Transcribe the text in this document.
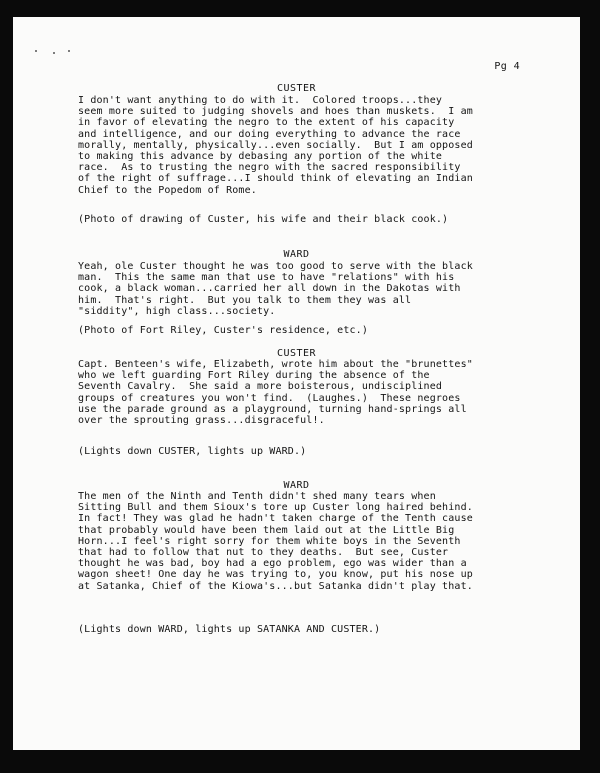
Pg 4
CUSTER
I don't want anything to do with it.  Colored troops...they
seem more suited to judging shovels and hoes than muskets.  I am
in favor of elevating the negro to the extent of his capacity
and intelligence, and our doing everything to advance the race
morally, mentally, physically...even socially.  But I am opposed
to making this advance by debasing any portion of the white
race.  As to trusting the negro with the sacred responsibility
of the right of suffrage...I should think of elevating an Indian
Chief to the Popedom of Rome.
(Photo of drawing of Custer, his wife and their black cook.)
WARD
Yeah, ole Custer thought he was too good to serve with the black
man.  This the same man that use to have "relations" with his
cook, a black woman...carried her all down in the Dakotas with
him.  That's right.  But you talk to them they was all
"siddity", high class...society.
(Photo of Fort Riley, Custer's residence, etc.)
CUSTER
Capt. Benteen's wife, Elizabeth, wrote him about the "brunettes"
who we left guarding Fort Riley during the absence of the
Seventh Cavalry.  She said a more boisterous, undisciplined
groups of creatures you won't find.  (Laughes.)  These negroes
use the parade ground as a playground, turning hand-springs all
over the sprouting grass...disgraceful!.
(Lights down CUSTER, lights up WARD.)
WARD
The men of the Ninth and Tenth didn't shed many tears when
Sitting Bull and them Sioux's tore up Custer long haired behind.
In fact! They was glad he hadn't taken charge of the Tenth cause
that probably would have been them laid out at the Little Big
Horn...I feel's right sorry for them white boys in the Seventh
that had to follow that nut to they deaths.  But see, Custer
thought he was bad, boy had a ego problem, ego was wider than a
wagon sheet! One day he was trying to, you know, put his nose up
at Satanka, Chief of the Kiowa's...but Satanka didn't play that.
(Lights down WARD, lights up SATANKA AND CUSTER.)
